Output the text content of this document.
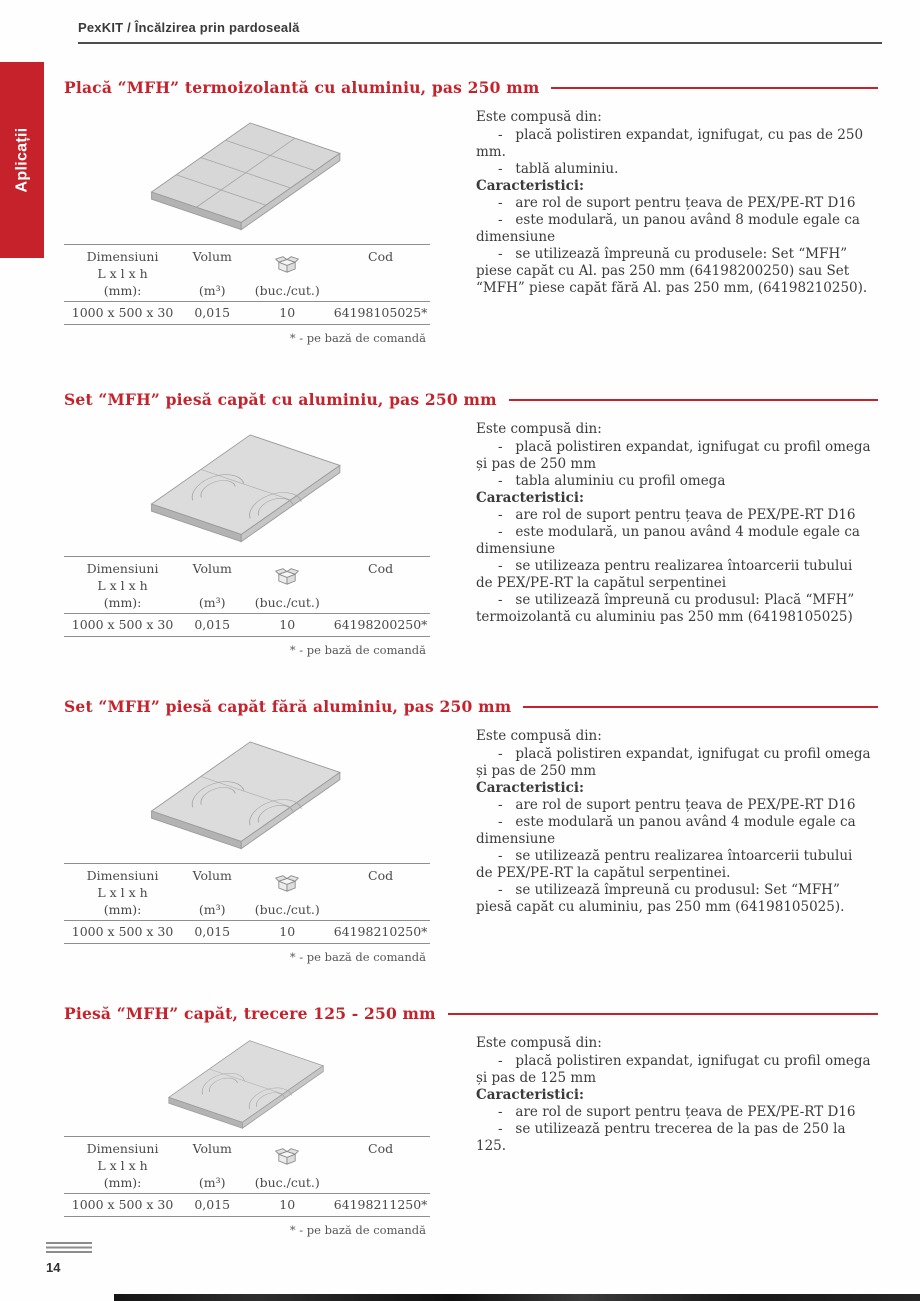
PexKIT / Încălzirea prin pardoseală
Aplicații
Placă “MFH” termoizolantă cu aluminiu, pas 250 mm
Dimensiuni	Volum		Cod
L x l x h			
(mm):	(m³)	(buc./cut.)	
1000 x 500 x 30	0,015	10	64198105025*
* - pe bază de comandă
Este compusă din:
-   placă polistiren expandat, ignifugat, cu pas de 250 mm.
-   tablă aluminiu.
Caracteristici:
-   are rol de suport pentru țeava de PEX/PE-RT D16
-   este modulară, un panou având 8 module egale ca dimensiune
-   se utilizează împreună cu produsele: Set “MFH” piese capăt cu Al. pas 250 mm (64198200250) sau Set “MFH” piese capăt fără Al. pas 250 mm, (64198210250).
Set “MFH” piesă capăt cu aluminiu, pas 250 mm
Dimensiuni	Volum		Cod
L x l x h			
(mm):	(m³)	(buc./cut.)	
1000 x 500 x 30	0,015	10	64198200250*
* - pe bază de comandă
Este compusă din:
-   placă polistiren expandat, ignifugat cu profil omega și pas de 250 mm
-   tabla aluminiu cu profil omega
Caracteristici:
-   are rol de suport pentru țeava de PEX/PE-RT D16
-   este modulară, un panou având 4 module egale ca dimensiune
-   se utilizeaza pentru realizarea întoarcerii tubului de PEX/PE-RT la capătul serpentinei
-   se utilizează împreună cu produsul: Placă “MFH” termoizolantă cu aluminiu pas 250 mm (64198105025)
Set “MFH” piesă capăt fără aluminiu, pas 250 mm
Dimensiuni	Volum		Cod
L x l x h			
(mm):	(m³)	(buc./cut.)	
1000 x 500 x 30	0,015	10	64198210250*
* - pe bază de comandă
Este compusă din:
-   placă polistiren expandat, ignifugat cu profil omega și pas de 250 mm
Caracteristici:
-   are rol de suport pentru țeava de PEX/PE-RT D16
-   este modulară un panou având 4 module egale ca dimensiune
-   se utilizează pentru realizarea întoarcerii tubului de PEX/PE-RT la capătul serpentinei.
-   se utilizează împreună cu produsul: Set “MFH” piesă capăt cu aluminiu, pas 250 mm (64198105025).
Piesă “MFH” capăt, trecere 125 - 250 mm
Dimensiuni	Volum		Cod
L x l x h			
(mm):	(m³)	(buc./cut.)	
1000 x 500 x 30	0,015	10	64198211250*
* - pe bază de comandă
Este compusă din:
-   placă polistiren expandat, ignifugat cu profil omega și pas de 125 mm
Caracteristici:
-   are rol de suport pentru țeava de PEX/PE-RT D16
-   se utilizează pentru trecerea de la pas de 250 la 125.
14
